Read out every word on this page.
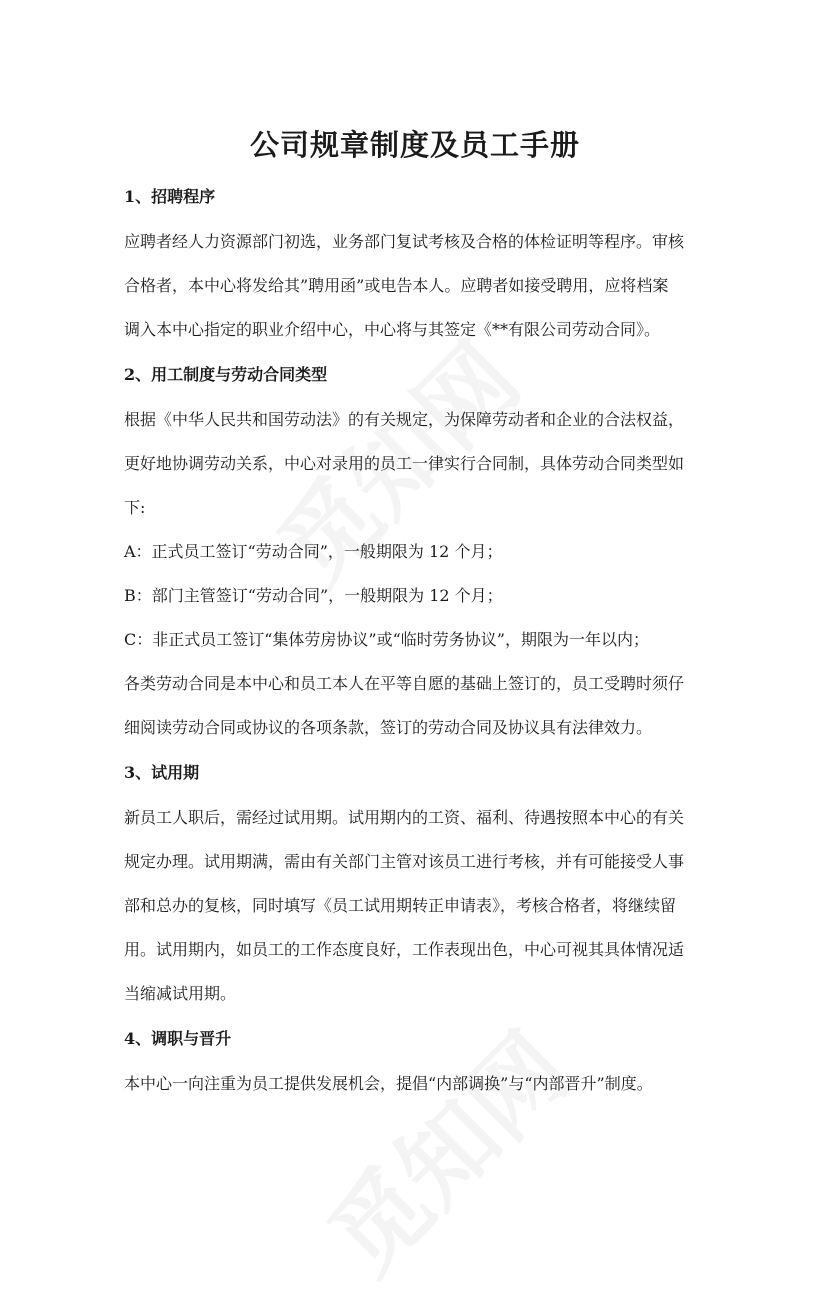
公司规章制度及员工手册
1、招聘程序
应聘者经人力资源部门初选，业务部门复试考核及合格的体检证明等程序。审核
合格者，本中心将发给其”聘用函”或电告本人。应聘者如接受聘用，应将档案
调入本中心指定的职业介绍中心，中心将与其签定《**有限公司劳动合同》。
2、用工制度与劳动合同类型
根据《中华人民共和国劳动法》的有关规定，为保障劳动者和企业的合法权益，
更好地协调劳动关系，中心对录用的员工一律实行合同制，具体劳动合同类型如
下:
A：正式员工签订“劳动合同”，一般期限为 12 个月；
B：部门主管签订“劳动合同”，一般期限为 12 个月；
C：非正式员工签订“集体劳房协议”或“临时劳务协议”，期限为一年以内；
各类劳动合同是本中心和员工本人在平等自愿的基础上签订的，员工受聘时须仔
细阅读劳动合同或协议的各项条款，签订的劳动合同及协议具有法律效力。
3、试用期
新员工人职后，需经过试用期。试用期内的工资、福利、待遇按照本中心的有关
规定办理。试用期满，需由有关部门主管对该员工进行考核，并有可能接受人事
部和总办的复核，同时填写《员工试用期转正申请表》，考核合格者，将继续留
用。试用期内，如员工的工作态度良好，工作表现出色，中心可视其具体情况适
当缩减试用期。
4、调职与晋升
本中心一向注重为员工提供发展机会，提倡“内部调换”与“内部晋升”制度。
